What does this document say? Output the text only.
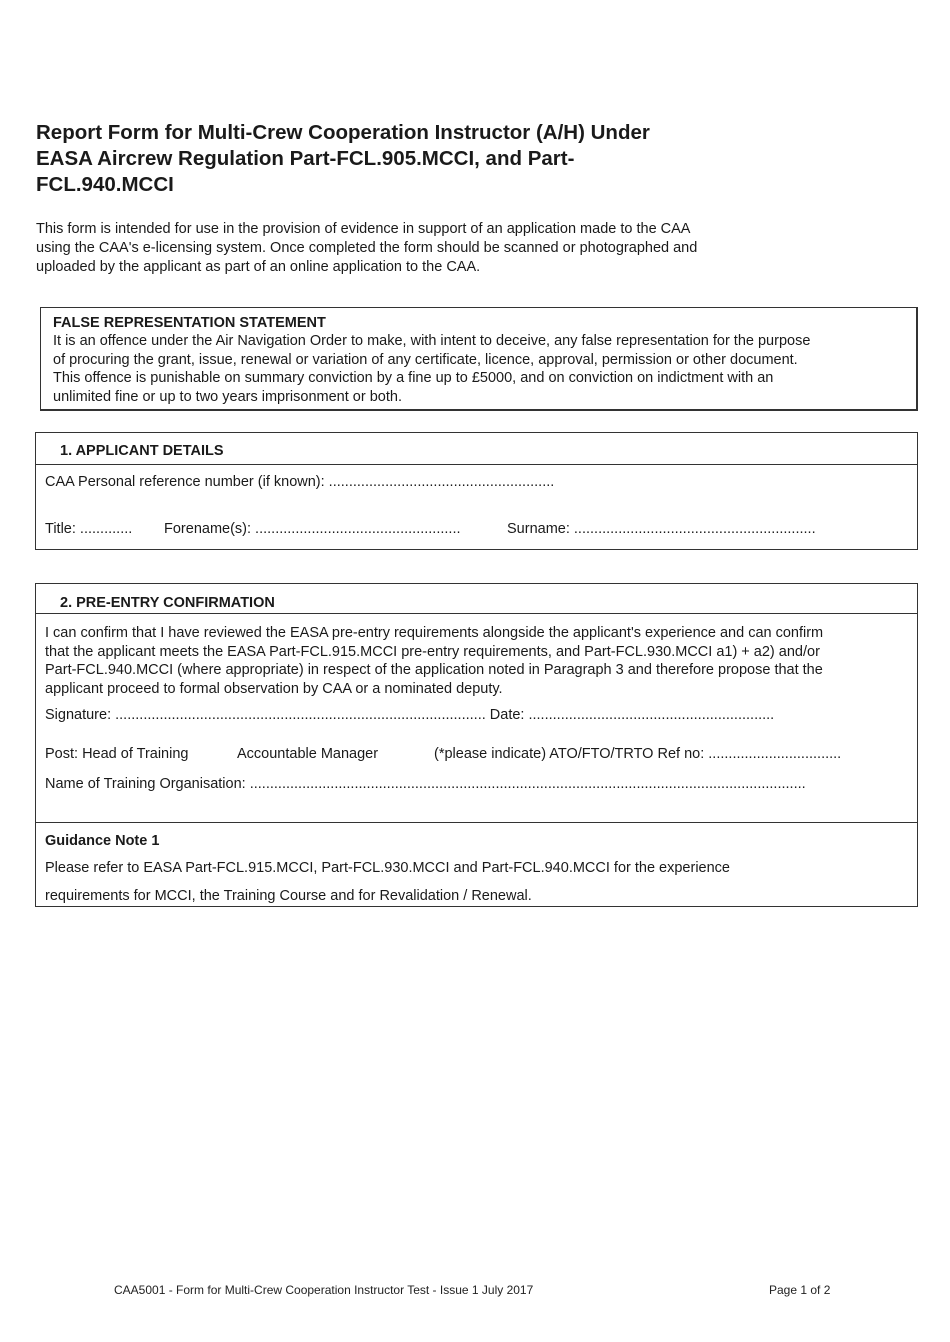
Report Form for Multi-Crew Cooperation Instructor (A/H) Under
EASA Aircrew Regulation Part-FCL.905.MCCI, and Part-
FCL.940.MCCI
This form is intended for use in the provision of evidence in support of an application made to the CAA
using the CAA's e-licensing system. Once completed the form should be scanned or photographed and
uploaded by the applicant as part of an online application to the CAA.
FALSE REPRESENTATION STATEMENT
It is an offence under the Air Navigation Order to make, with intent to deceive, any false representation for the purpose
of procuring the grant, issue, renewal or variation of any certificate, licence, approval, permission or other document.
This offence is punishable on summary conviction by a fine up to £5000, and on conviction on indictment with an
unlimited fine or up to two years imprisonment or both.
1. APPLICANT DETAILS
CAA Personal reference number (if known): ........................................................
Title: ............. Forename(s): ...................................................	Surname: ............................................................
2. PRE-ENTRY CONFIRMATION
I can confirm that I have reviewed the EASA pre-entry requirements alongside the applicant's experience and can confirm
that the applicant meets the EASA Part-FCL.915.MCCI pre-entry requirements, and Part-FCL.930.MCCI a1) + a2) and/or
Part-FCL.940.MCCI (where appropriate) in respect of the application noted in Paragraph 3 and therefore propose that the
applicant proceed to formal observation by CAA or a nominated deputy.
Signature: ............................................................................................ Date: .............................................................
Post: Head of Training	Accountable Manager	(*please indicate) ATO/FTO/TRTO Ref no: .................................
Name of Training Organisation: ..........................................................................................................................................
Guidance Note 1
Please refer to EASA Part-FCL.915.MCCI, Part-FCL.930.MCCI and Part-FCL.940.MCCI for the experience
requirements for MCCI, the Training Course and for Revalidation / Renewal.
CAA5001 - Form for Multi-Crew Cooperation Instructor Test - Issue 1 July 2017	Page 1 of 2
